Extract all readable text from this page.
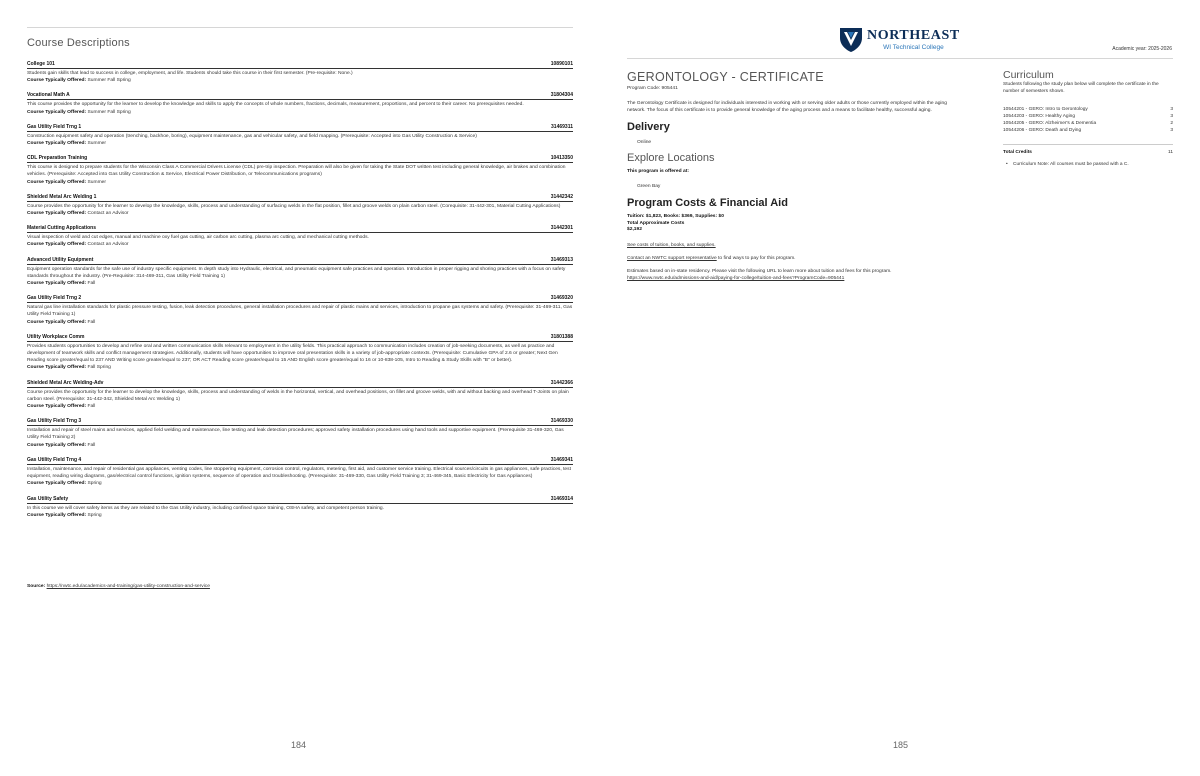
Course Descriptions
College 101	10890101
Students gain skills that lead to success in college, employment, and life. Students should take this course in their first semester. (Pre-requisite: None.)
Course Typically Offered: Summer Fall Spring
Vocational Math A	31804304
This course provides the opportunity for the learner to develop the knowledge and skills to apply the concepts of whole numbers, fractions, decimals, measurement, proportions, and percent to their career. No prerequisites needed.
Course Typically Offered: Summer Fall Spring
Gas Utility Field Trng 1	31469311
Construction equipment safety and operation (trenching, backhoe, boring), equipment maintenance, gas and vehicular safety, and field mapping. (Prerequisite: Accepted into Gas Utility Construction & Service)
Course Typically Offered: Summer
CDL Preparation Training	10413350
This course is designed to prepare students for the Wisconsin Class A Commercial Drivers License (CDL) pre-trip inspection. Preparation will also be given for taking the State DOT written test including general knowledge, air brakes and combination vehicles. (Prerequisite: Accepted into Gas Utility Construction & Service, Electrical Power Distribution, or Telecommunications programs)
Course Typically Offered: Summer
Shielded Metal Arc Welding 1	31442342
Course provides the opportunity for the learner to develop the knowledge, skills, process and understanding of surfacing welds in the flat position, fillet and groove welds on plain carbon steel. (Corequisite: 31-442-301, Material Cutting Applications)
Course Typically Offered: Contact an Advisor
Material Cutting Applications	31442301
Visual inspection of weld and cut edges, manual and machine oxy fuel gas cutting, air carbon arc cutting, plasma arc cutting, and mechanical cutting methods.
Course Typically Offered: Contact an Advisor
Advanced Utility Equipment	31469313
Equipment operation standards for the safe use of industry specific equipment. In depth study into Hydraulic, electrical, and pneumatic equipment safe practices and operation. Introduction in proper rigging and shoring practices with a focus on safety standards throughout the industry. (Pre-Requisite: 314-469-311, Gas Utility Field Training 1)
Course Typically Offered: Fall
Gas Utility Field Trng 2	31469320
Natural gas line installation standards for plastic pressure testing, fusion, leak detection procedures, general installation procedures and repair of plastic mains and services, introduction to propane gas systems and safety. (Prerequisite: 31-469-311, Gas Utility Field Training 1)
Course Typically Offered: Fall
Utility Workplace Comm	31801388
Provides students opportunities to develop and refine oral and written communication skills relevant to employment in the utility fields. This practical approach to communication includes creation of job-seeking documents, as well as practice and development of teamwork skills and conflict management strategies. Additionally, students will have opportunities to improve oral presentation skills in a variety of job-appropriate contexts. (Prerequisite: Cumulative GPA of 2.6 or greater; Next Gen Reading score greater/equal to 237 AND Writing score greater/equal to 237; OR ACT Reading score greater/equal to 15 AND English score greater/equal to 16 or 10-838-105, Intro to Reading & Study Skills with "B" or better).
Course Typically Offered: Fall Spring
Shielded Metal Arc Welding-Adv	31442366
Course provides the opportunity for the learner to develop the knowledge, skills, process and understanding of welds in the horizontal, vertical, and overhead positions, on fillet and groove welds, with and without backing and overhead T-Joints on plain carbon steel. (Prerequisite: 31-442-342, Shielded Metal Arc Welding 1)
Course Typically Offered: Fall
Gas Utility Field Trng 3	31469330
Installation and repair of steel mains and services, applied field welding and maintenance, line testing and leak detection procedures; approved safety installation procedures using hand tools and supportive equipment. (Prerequisite 31-469-320, Gas Utility Field Training 2)
Course Typically Offered: Fall
Gas Utility Field Trng 4	31469341
Installation, maintenance, and repair of residential gas appliances, venting codes, line stoppering equipment, corrosion control, regulators, metering, first aid, and customer service training. Electrical sources/circuits in gas appliances, safe practices, test equipment, reading wiring diagrams, gas/electrical control functions, ignition systems, sequence of operation and troubleshooting. (Prerequisite: 31-469-330, Gas Utility Field Training 3; 31-469-345, Basic Electricity for Gas Appliances)
Course Typically Offered: Spring
Gas Utility Safety	31469314
In this course we will cover safety items as they are related to the Gas Utility industry, including confined space training, OSHA safety, and competent person training.
Course Typically Offered: Spring
Source: https://nwtc.edu/academics-and-training/gas-utility-construction-and-service
184
NORTHEAST
WI Technical College	Academic year: 2025-2026
GERONTOLOGY - CERTIFICATE
Program Code: 905441
The Gerontology Certificate is designed for individuals interested in working with or serving older adults or those currently employed within the aging network. The focus of this certificate is to provide general knowledge of the aging process and a means to facilitate healthy, successful aging.
Delivery
Online
Explore Locations
This program is offered at:
Green Bay
Program Costs & Financial Aid
Tuition: $1,823, Books: $369, Supplies: $0
Total Approximate Costs
$2,192
See costs of tuition, books, and supplies.
Contact an NWTC support representative to find ways to pay for this program.
Estimates based on in-state residency. Please visit the following URL to learn more about tuition and fees for this program.
https://www.nwtc.edu/admissions-and-aid/paying-for-college/tuition-and-fees?ProgramCode=905441
Curriculum
Students following the study plan below will complete the certificate in the number of semesters shown.
10544201 - GERO: Intro to Gerontology	3
10544203 - GERO: Healthy Aging	3
10544205 - GERO: Alzheimer's & Dementia	2
10544206 - GERO: Death and Dying	3
Total Credits	11
• Curriculum Note: All courses must be passed with a C.
185
